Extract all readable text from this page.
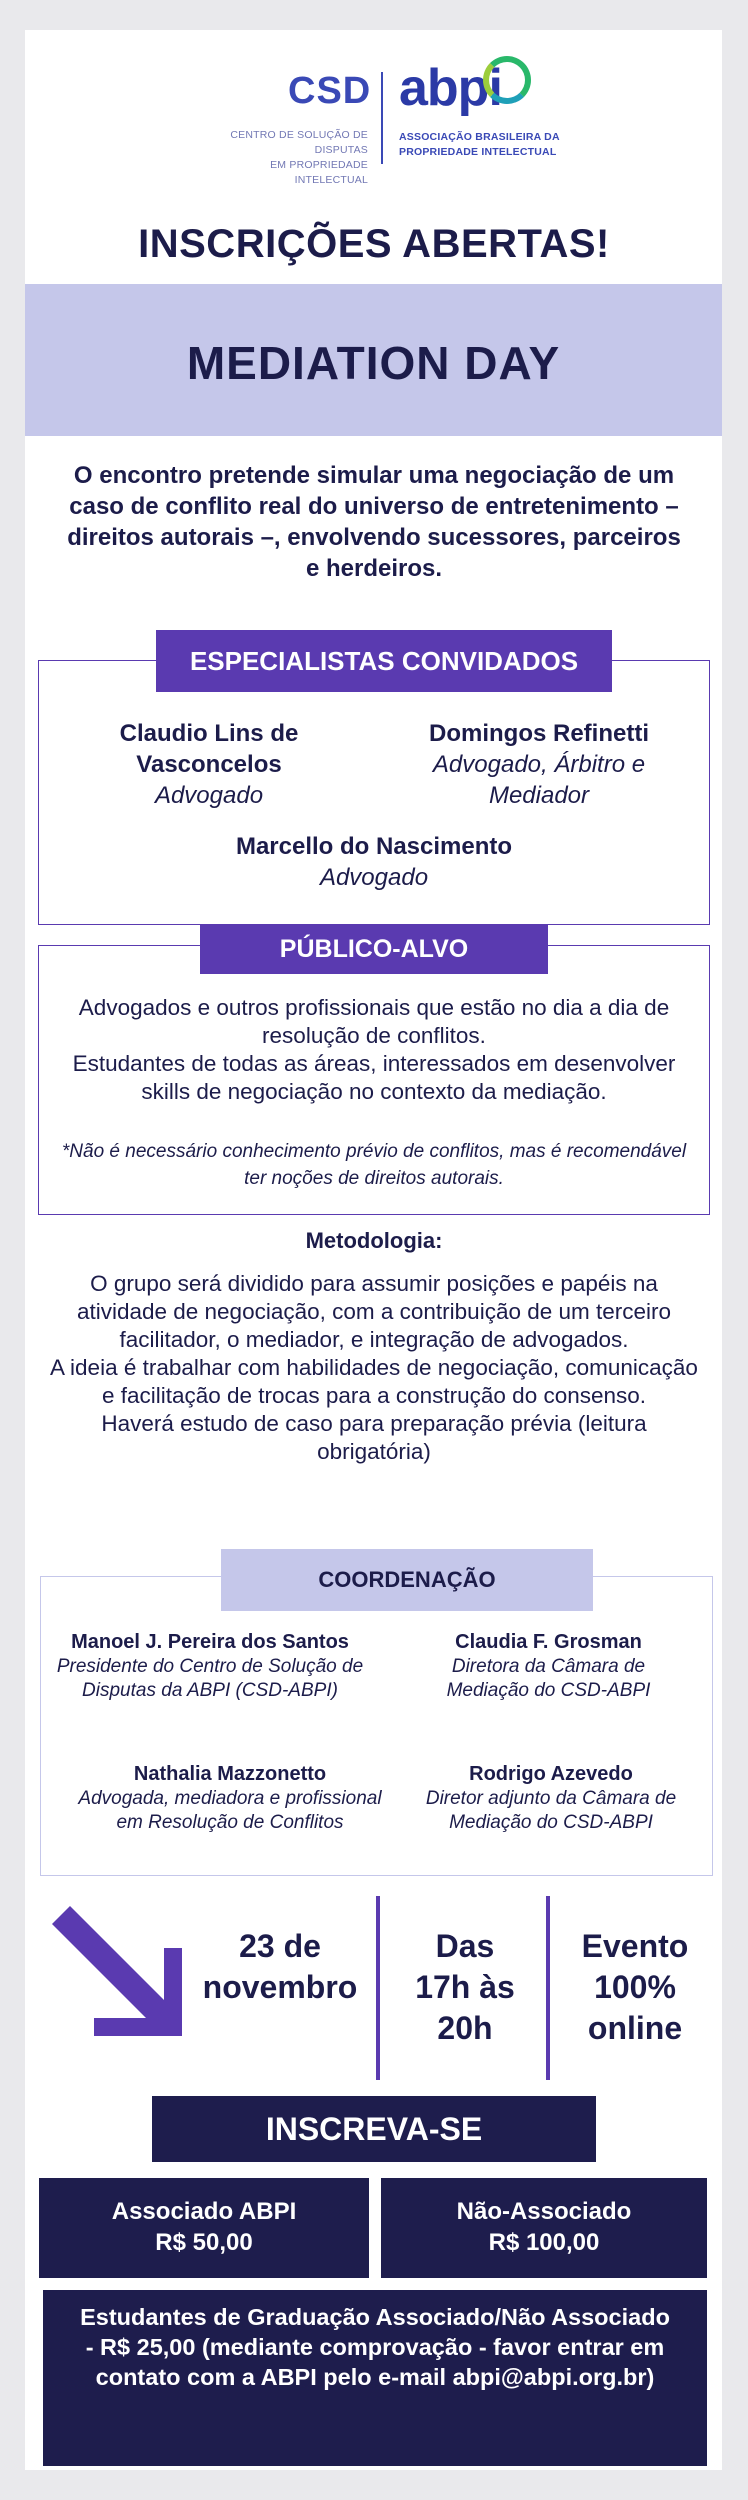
CSD
CENTRO DE SOLUÇÃO DE DISPUTAS
EM PROPRIEDADE INTELECTUAL
abpi
ASSOCIAÇÃO BRASILEIRA DA
PROPRIEDADE INTELECTUAL
INSCRIÇÕES ABERTAS!
MEDIATION DAY
O encontro pretende simular uma negociação de um caso de conflito real do universo de entretenimento – direitos autorais –, envolvendo sucessores, parceiros e herdeiros.
Claudio Lins de Vasconcelos
Advogado
Domingos Refinetti
Advogado, Árbitro e Mediador
Marcello do Nascimento
Advogado
ESPECIALISTAS CONVIDADOS
Advogados e outros profissionais que estão no dia a dia de resolução de conflitos.
Estudantes de todas as áreas, interessados em desenvolver skills de negociação no contexto da mediação.
*Não é necessário conhecimento prévio de conflitos, mas é recomendável ter noções de direitos autorais.
PÚBLICO-ALVO
Metodologia:
O grupo será dividido para assumir posições e papéis na atividade de negociação, com a contribuição de um terceiro facilitador, o mediador, e integração de advogados.
A ideia é trabalhar com habilidades de negociação, comunicação e facilitação de trocas para a construção do consenso.
Haverá estudo de caso para preparação prévia (leitura obrigatória)
Manoel J. Pereira dos Santos
Presidente do Centro de Solução de Disputas da ABPI (CSD-ABPI)
Claudia F. Grosman
Diretora da Câmara de Mediação do CSD-ABPI
Nathalia Mazzonetto
Advogada, mediadora e profissional em Resolução de Conflitos
Rodrigo Azevedo
Diretor adjunto da Câmara de Mediação do CSD-ABPI
COORDENAÇÃO
23 de
novembro
Das
17h às
20h
Evento
100%
online
INSCREVA-SE
Associado ABPI
R$ 50,00
Não-Associado
R$ 100,00
Estudantes de Graduação Associado/Não Associado - R$ 25,00 (mediante comprovação - favor entrar em contato com a ABPI pelo e-mail abpi@abpi.org.br)
